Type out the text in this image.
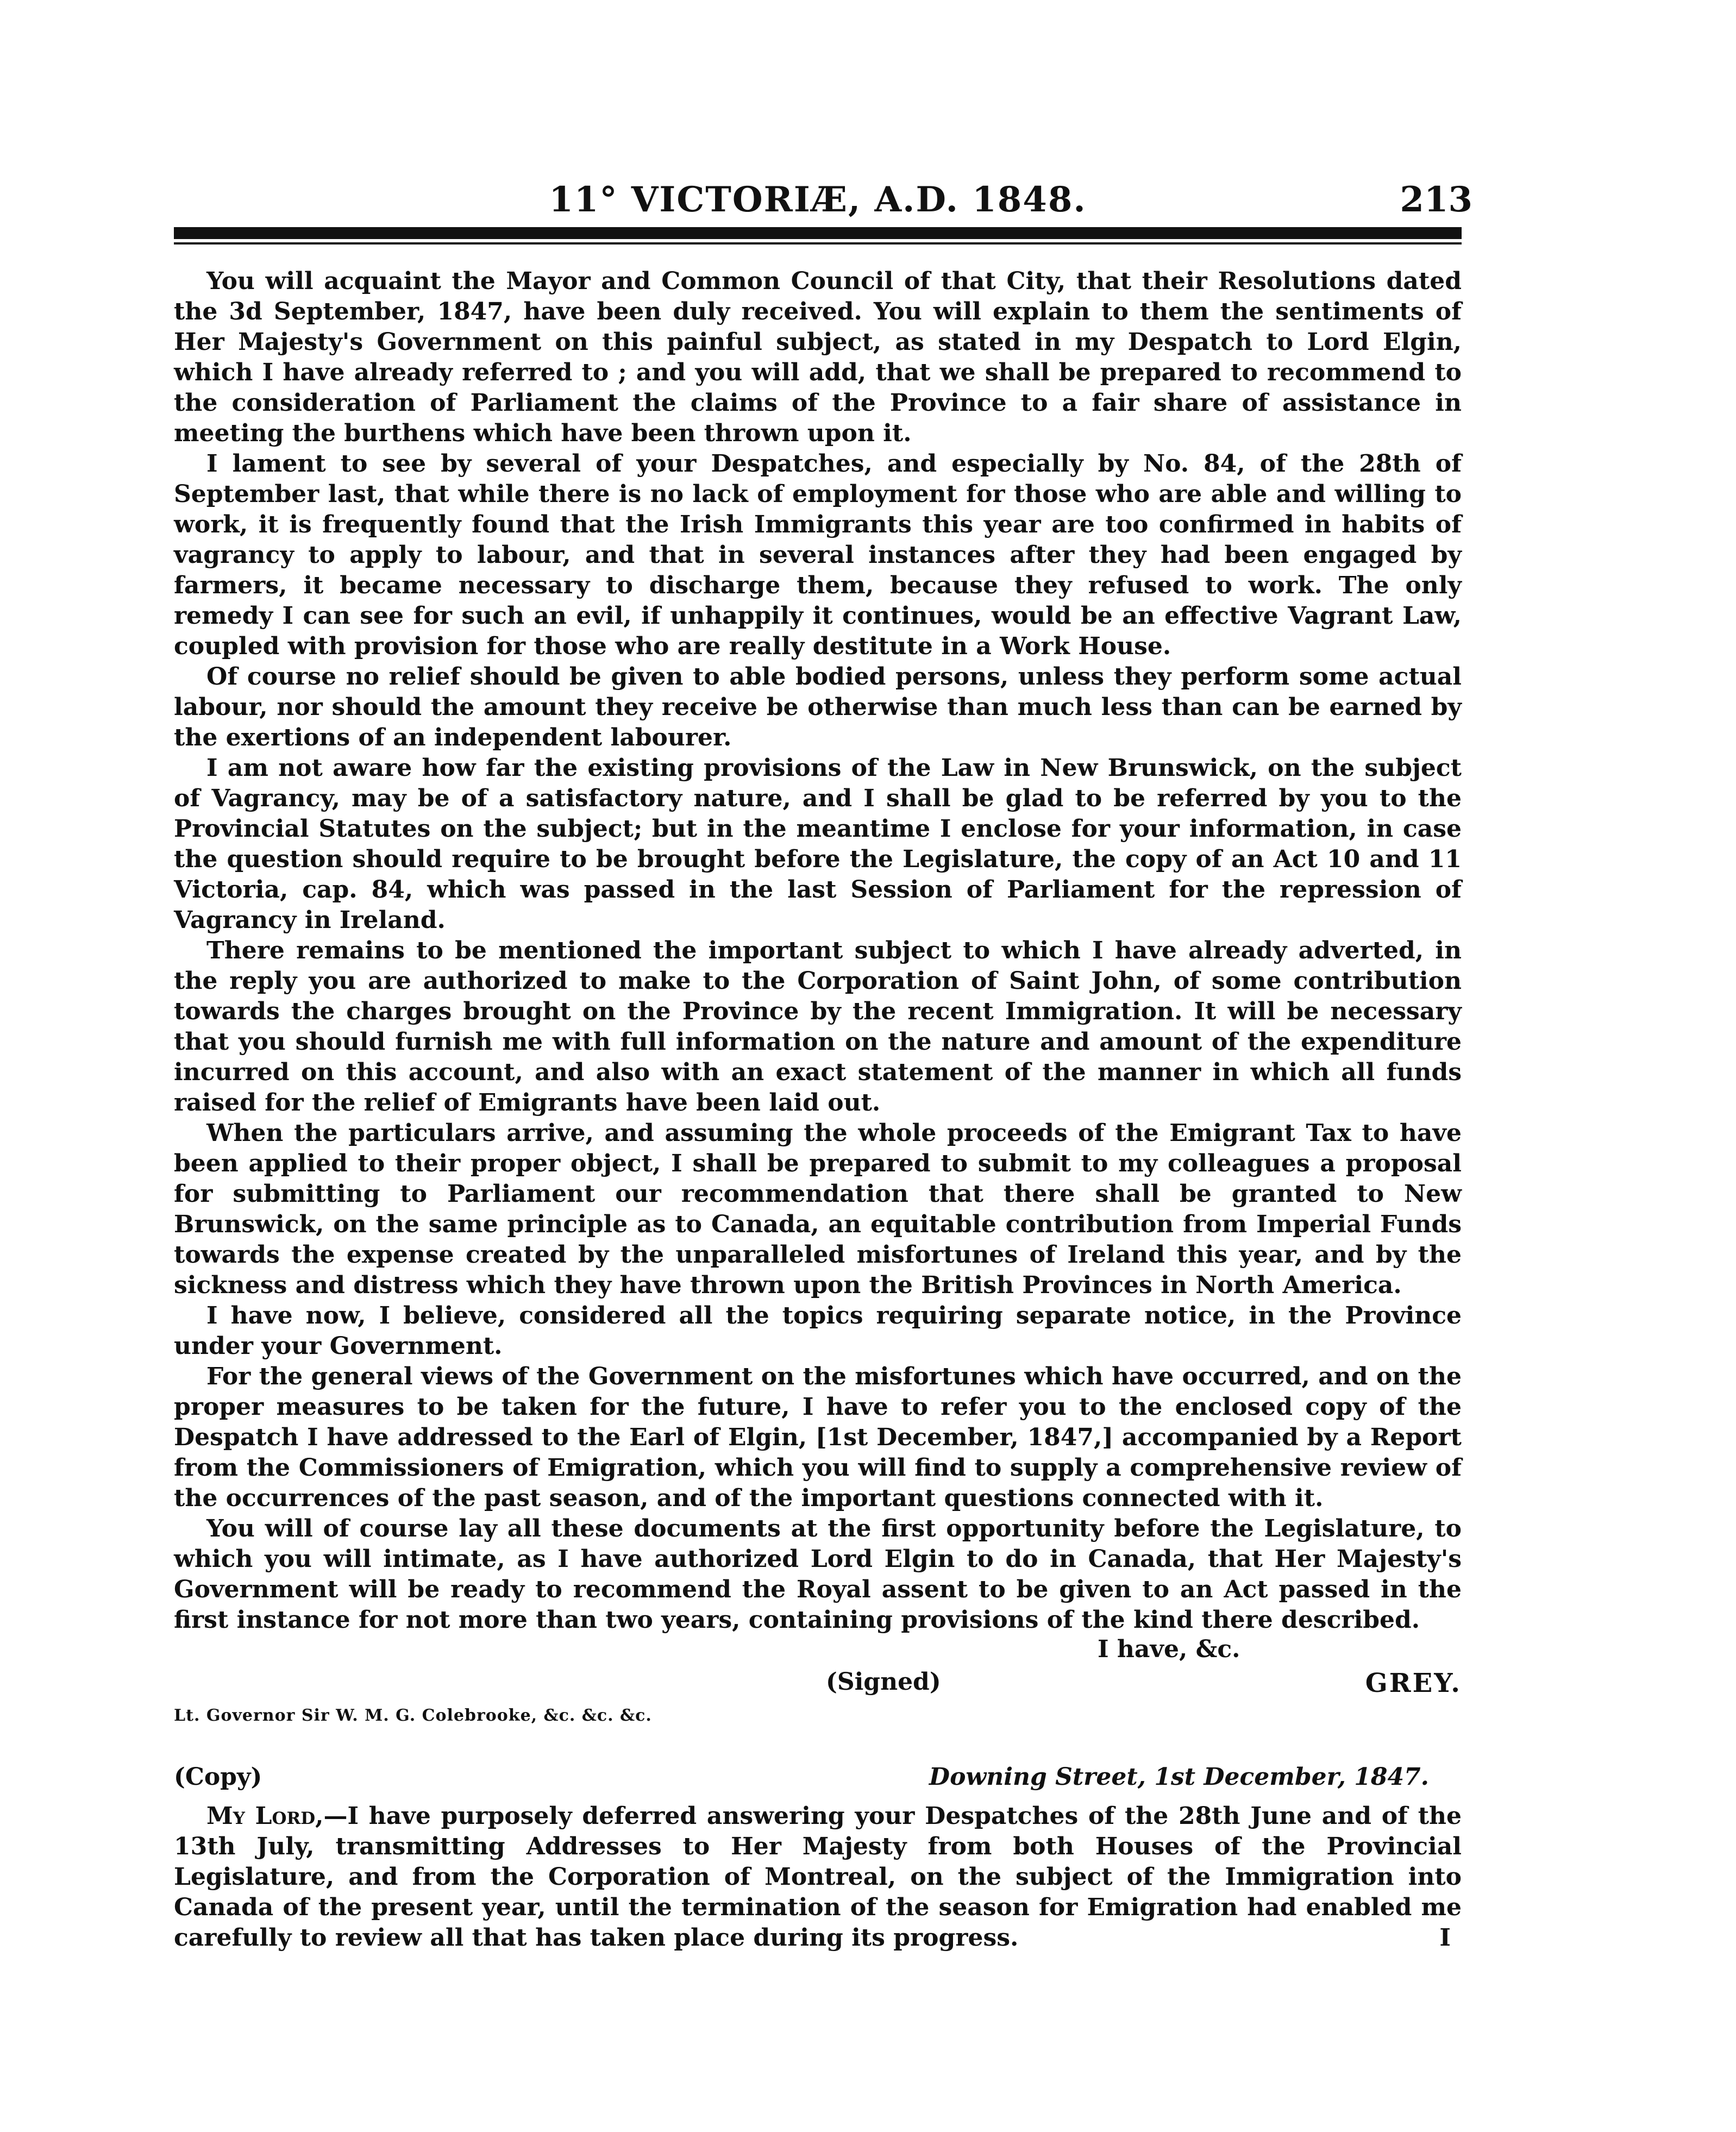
11° VICTORIÆ, A.D. 1848.	213

You will acquaint the Mayor and Common Council of that City, that their Resolutions dated the 3d September, 1847, have been duly received. You will explain to them the sentiments of Her Majesty's Government on this painful subject, as stated in my Despatch to Lord Elgin, which I have already referred to ; and you will add, that we shall be prepared to recommend to the consideration of Parliament the claims of the Province to a fair share of assistance in meeting the burthens which have been thrown upon it.

I lament to see by several of your Despatches, and especially by No. 84, of the 28th of September last, that while there is no lack of employment for those who are able and willing to work, it is frequently found that the Irish Immigrants this year are too confirmed in habits of vagrancy to apply to labour, and that in several instances after they had been engaged by farmers, it became necessary to discharge them, because they refused to work. The only remedy I can see for such an evil, if unhappily it continues, would be an effective Vagrant Law, coupled with provision for those who are really destitute in a Work House.

Of course no relief should be given to able bodied persons, unless they perform some actual labour, nor should the amount they receive be otherwise than much less than can be earned by the exertions of an independent labourer.

I am not aware how far the existing provisions of the Law in New Brunswick, on the subject of Vagrancy, may be of a satisfactory nature, and I shall be glad to be referred by you to the Provincial Statutes on the subject; but in the meantime I enclose for your information, in case the question should require to be brought before the Legislature, the copy of an Act 10 and 11 Victoria, cap. 84, which was passed in the last Session of Parliament for the repression of Vagrancy in Ireland.

There remains to be mentioned the important subject to which I have already adverted, in the reply you are authorized to make to the Corporation of Saint John, of some contribution towards the charges brought on the Province by the recent Immigration. It will be necessary that you should furnish me with full information on the nature and amount of the expenditure incurred on this account, and also with an exact statement of the manner in which all funds raised for the relief of Emigrants have been laid out.

When the particulars arrive, and assuming the whole proceeds of the Emigrant Tax to have been applied to their proper object, I shall be prepared to submit to my colleagues a proposal for submitting to Parliament our recommendation that there shall be granted to New Brunswick, on the same principle as to Canada, an equitable contribution from Imperial Funds towards the expense created by the unparalleled misfortunes of Ireland this year, and by the sickness and distress which they have thrown upon the British Provinces in North America.

I have now, I believe, considered all the topics requiring separate notice, in the Province under your Government.

For the general views of the Government on the misfortunes which have occurred, and on the proper measures to be taken for the future, I have to refer you to the enclosed copy of the Despatch I have addressed to the Earl of Elgin, [1st December, 1847,] accompanied by a Report from the Commissioners of Emigration, which you will find to supply a comprehensive review of the occurrences of the past season, and of the important questions connected with it.

You will of course lay all these documents at the first opportunity before the Legislature, to which you will intimate, as I have authorized Lord Elgin to do in Canada, that Her Majesty's Government will be ready to recommend the Royal assent to be given to an Act passed in the first instance for not more than two years, containing provisions of the kind there described.

I have, &c.
(Signed)	GREY.
Lt. Governor Sir W. M. G. Colebrooke, &c. &c. &c.
(Copy)	Downing Street, 1st December, 1847.

My Lord,—I have purposely deferred answering your Despatches of the 28th June and of the 13th July, transmitting Addresses to Her Majesty from both Houses of the Provincial Legislature, and from the Corporation of Montreal, on the subject of the Immigration into Canada of the present year, until the termination of the season for Emigration had enabled me carefully to review all that has taken place during its progress.	I
